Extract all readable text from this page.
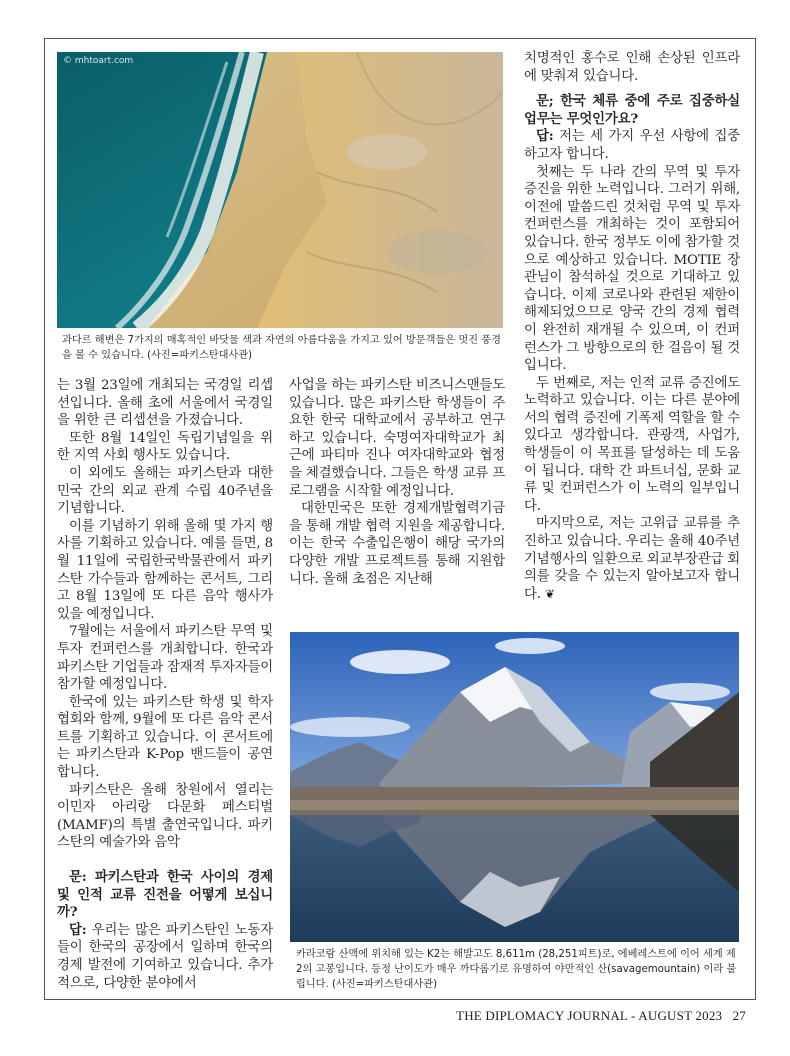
© mhtoart.com
과다르 해변은 7가지의 매혹적인 바닷물 색과 자연의 아름다움을 가지고 있어 방문객들은 멋진 풍경을 볼 수 있습니다. (사진=파키스탄대사관)

는 3월 23일에 개최되는 국경일 리셉션입니다. 올해 초에 서울에서 국경일을 위한 큰 리셉션을 가졌습니다.

또한 8월 14일인 독립기념일을 위한 지역 사회 행사도 있습니다.

이 외에도 올해는 파키스탄과 대한민국 간의 외교 관계 수립 40주년을 기념합니다.

이를 기념하기 위해 올해 몇 가지 행사를 기획하고 있습니다. 예를 들면, 8월 11일에 국립한국박물관에서 파키스탄 가수들과 함께하는 콘서트, 그리고 8월 13일에 또 다른 음악 행사가 있을 예정입니다.

7월에는 서울에서 파키스탄 무역 및 투자 컨퍼런스를 개최합니다. 한국과 파키스탄 기업들과 잠재적 투자자들이 참가할 예정입니다.

한국에 있는 파키스탄 학생 및 학자 협회와 함께, 9월에 또 다른 음악 콘서트를 기획하고 있습니다. 이 콘서트에는 파키스탄과 K-Pop 밴드들이 공연합니다.

파키스탄은 올해 창원에서 열리는 이민자 아리랑 다문화 페스티벌(MAMF)의 특별 출연국입니다. 파키스탄의 예술가와 음악

문: 파키스탄과 한국 사이의 경제 및 인적 교류 진전을 어떻게 보십니까?

답: 우리는 많은 파키스탄인 노동자들이 한국의 공장에서 일하며 한국의 경제 발전에 기여하고 있습니다. 추가적으로, 다양한 분야에서

사업을 하는 파키스탄 비즈니스맨들도 있습니다. 많은 파키스탄 학생들이 주요한 한국 대학교에서 공부하고 연구하고 있습니다. 숙명여자대학교가 최근에 파티마 진나 여자대학교와 협정을 체결했습니다. 그들은 학생 교류 프로그램을 시작할 예정입니다.

대한민국은 또한 경제개발협력기금을 통해 개발 협력 지원을 제공합니다. 이는 한국 수출입은행이 해당 국가의 다양한 개발 프로젝트를 통해 지원합니다. 올해 초점은 지난해

치명적인 홍수로 인해 손상된 인프라에 맞춰져 있습니다.

문; 한국 체류 중에 주로 집중하실 업무는 무엇인가요?

답: 저는 세 가지 우선 사항에 집중하고자 합니다.

첫째는 두 나라 간의 무역 및 투자 증진을 위한 노력입니다. 그러기 위해, 이전에 말씀드린 것처럼 무역 및 투자 컨퍼런스를 개최하는 것이 포함되어 있습니다. 한국 정부도 이에 참가할 것으로 예상하고 있습니다. MOTIE 장관님이 참석하실 것으로 기대하고 있습니다. 이제 코로나와 관련된 제한이 해제되었으므로 양국 간의 경제 협력이 완전히 재개될 수 있으며, 이 컨퍼런스가 그 방향으로의 한 걸음이 될 것입니다.

두 번째로, 저는 인적 교류 증진에도 노력하고 있습니다. 이는 다른 분야에서의 협력 증진에 기폭제 역할을 할 수 있다고 생각합니다. 관광객, 사업가, 학생들이 이 목표를 달성하는 데 도움이 됩니다. 대학 간 파트너십, 문화 교류 및 컨퍼런스가 이 노력의 일부입니다.

마지막으로, 저는 고위급 교류를 추진하고 있습니다. 우리는 올해 40주년 기념행사의 일환으로 외교부장관급 회의를 갖을 수 있는지 알아보고자 합니다. ❦

카라코람 산맥에 위치해 있는 K2는 해발고도 8,611m (28,251피트)로, 에베레스트에 이어 세계 제2의 고봉입니다. 등정 난이도가 매우 까다롭기로 유명하여 야만적인 산(savagemountain) 이라 불립니다. (사진=파키스탄대사관)
THE DIPLOMACY JOURNAL - AUGUST 2023 27
